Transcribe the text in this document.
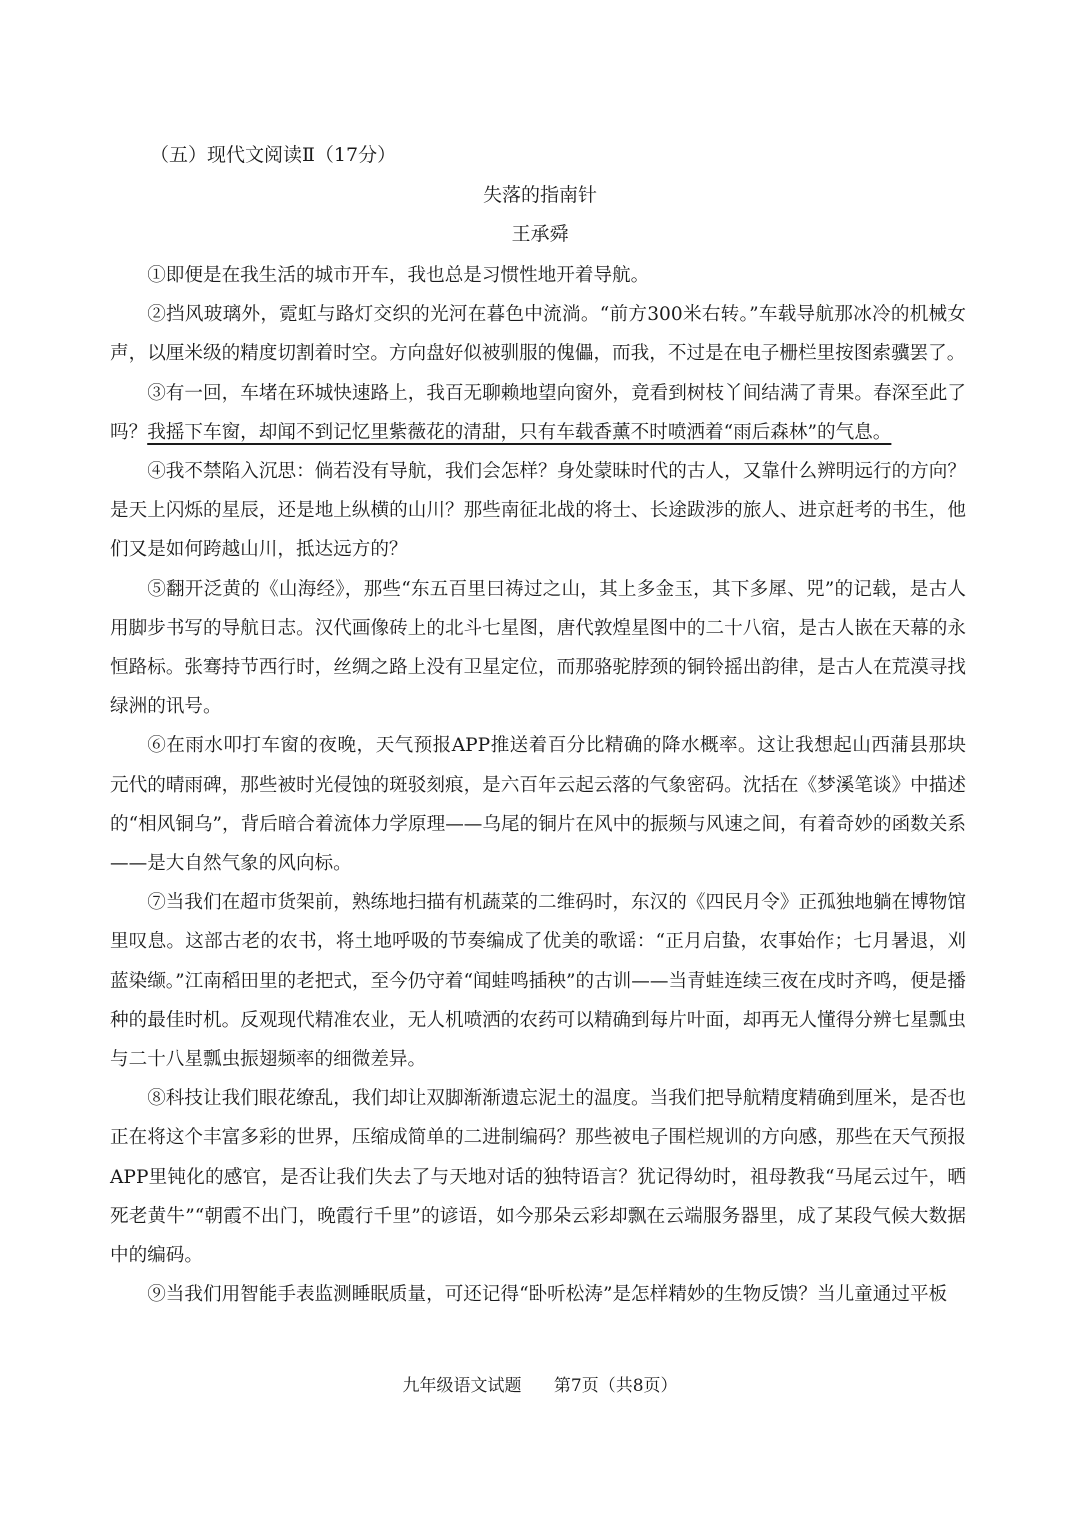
（五）现代文阅读Ⅱ（17分）
失落的指南针
王承舜

①即便是在我生活的城市开车，我也总是习惯性地开着导航。

②挡风玻璃外，霓虹与路灯交织的光河在暮色中流淌。“前方300米右转。”车载导航那冰冷的机械女声，以厘米级的精度切割着时空。方向盘好似被驯服的傀儡，而我，不过是在电子栅栏里按图索骥罢了。

③有一回，车堵在环城快速路上，我百无聊赖地望向窗外，竟看到树枝丫间结满了青果。春深至此了吗？我摇下车窗，却闻不到记忆里紫薇花的清甜，只有车载香薰不时喷洒着“雨后森林”的气息。

④我不禁陷入沉思：倘若没有导航，我们会怎样？身处蒙昧时代的古人，又靠什么辨明远行的方向？是天上闪烁的星辰，还是地上纵横的山川？那些南征北战的将士、长途跋涉的旅人、进京赶考的书生，他们又是如何跨越山川，抵达远方的？

⑤翻开泛黄的《山海经》，那些“东五百里曰祷过之山，其上多金玉，其下多犀、兕”的记载，是古人用脚步书写的导航日志。汉代画像砖上的北斗七星图，唐代敦煌星图中的二十八宿，是古人嵌在天幕的永恒路标。张骞持节西行时，丝绸之路上没有卫星定位，而那骆驼脖颈的铜铃摇出韵律，是古人在荒漠寻找绿洲的讯号。

⑥在雨水叩打车窗的夜晚，天气预报APP推送着百分比精确的降水概率。这让我想起山西蒲县那块元代的晴雨碑，那些被时光侵蚀的斑驳刻痕，是六百年云起云落的气象密码。沈括在《梦溪笔谈》中描述的“相风铜乌”，背后暗合着流体力学原理——乌尾的铜片在风中的振频与风速之间，有着奇妙的函数关系——是大自然气象的风向标。

⑦当我们在超市货架前，熟练地扫描有机蔬菜的二维码时，东汉的《四民月令》正孤独地躺在博物馆里叹息。这部古老的农书，将土地呼吸的节奏编成了优美的歌谣：“正月启蛰，农事始作；七月暑退，刈蓝染缬。”江南稻田里的老把式，至今仍守着“闻蛙鸣插秧”的古训——当青蛙连续三夜在戌时齐鸣，便是播种的最佳时机。反观现代精准农业，无人机喷洒的农药可以精确到每片叶面，却再无人懂得分辨七星瓢虫与二十八星瓢虫振翅频率的细微差异。

⑧科技让我们眼花缭乱，我们却让双脚渐渐遗忘泥土的温度。当我们把导航精度精确到厘米，是否也正在将这个丰富多彩的世界，压缩成简单的二进制编码？那些被电子围栏规训的方向感，那些在天气预报APP里钝化的感官，是否让我们失去了与天地对话的独特语言？犹记得幼时，祖母教我“马尾云过午，晒死老黄牛”“朝霞不出门，晚霞行千里”的谚语，如今那朵云彩却飘在云端服务器里，成了某段气候大数据中的编码。

⑨当我们用智能手表监测睡眠质量，可还记得“卧听松涛”是怎样精妙的生物反馈？当儿童通过平板

九年级语文试题      第7页（共8页）
